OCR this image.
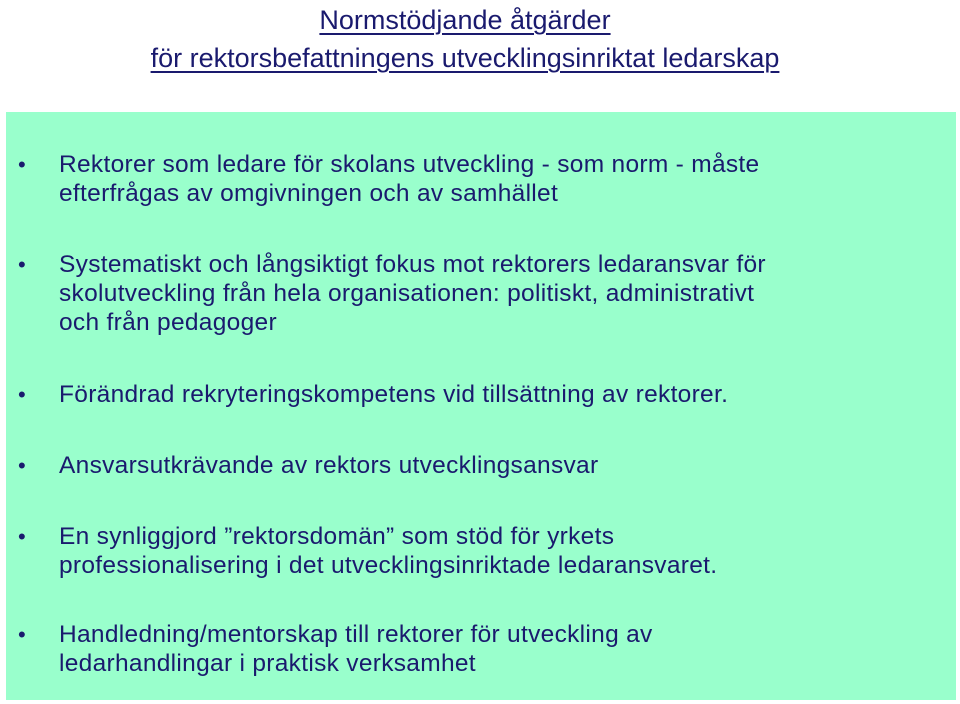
Normstödjande åtgärder
för rektorsbefattningens utvecklingsinriktat ledarskap
• Rektorer som ledare för skolans utveckling - som norm - måste
efterfrågas av omgivningen och av samhället
• Systematiskt och långsiktigt fokus mot rektorers ledaransvar för
skolutveckling från hela organisationen: politiskt, administrativt
och från pedagoger
• Förändrad rekryteringskompetens vid tillsättning av rektorer.
• Ansvarsutkrävande av rektors utvecklingsansvar
• En synliggjord ”rektorsdomän” som stöd för yrkets
professionalisering i det utvecklingsinriktade ledaransvaret.
• Handledning/mentorskap till rektorer för utveckling av
ledarhandlingar i praktisk verksamhet
